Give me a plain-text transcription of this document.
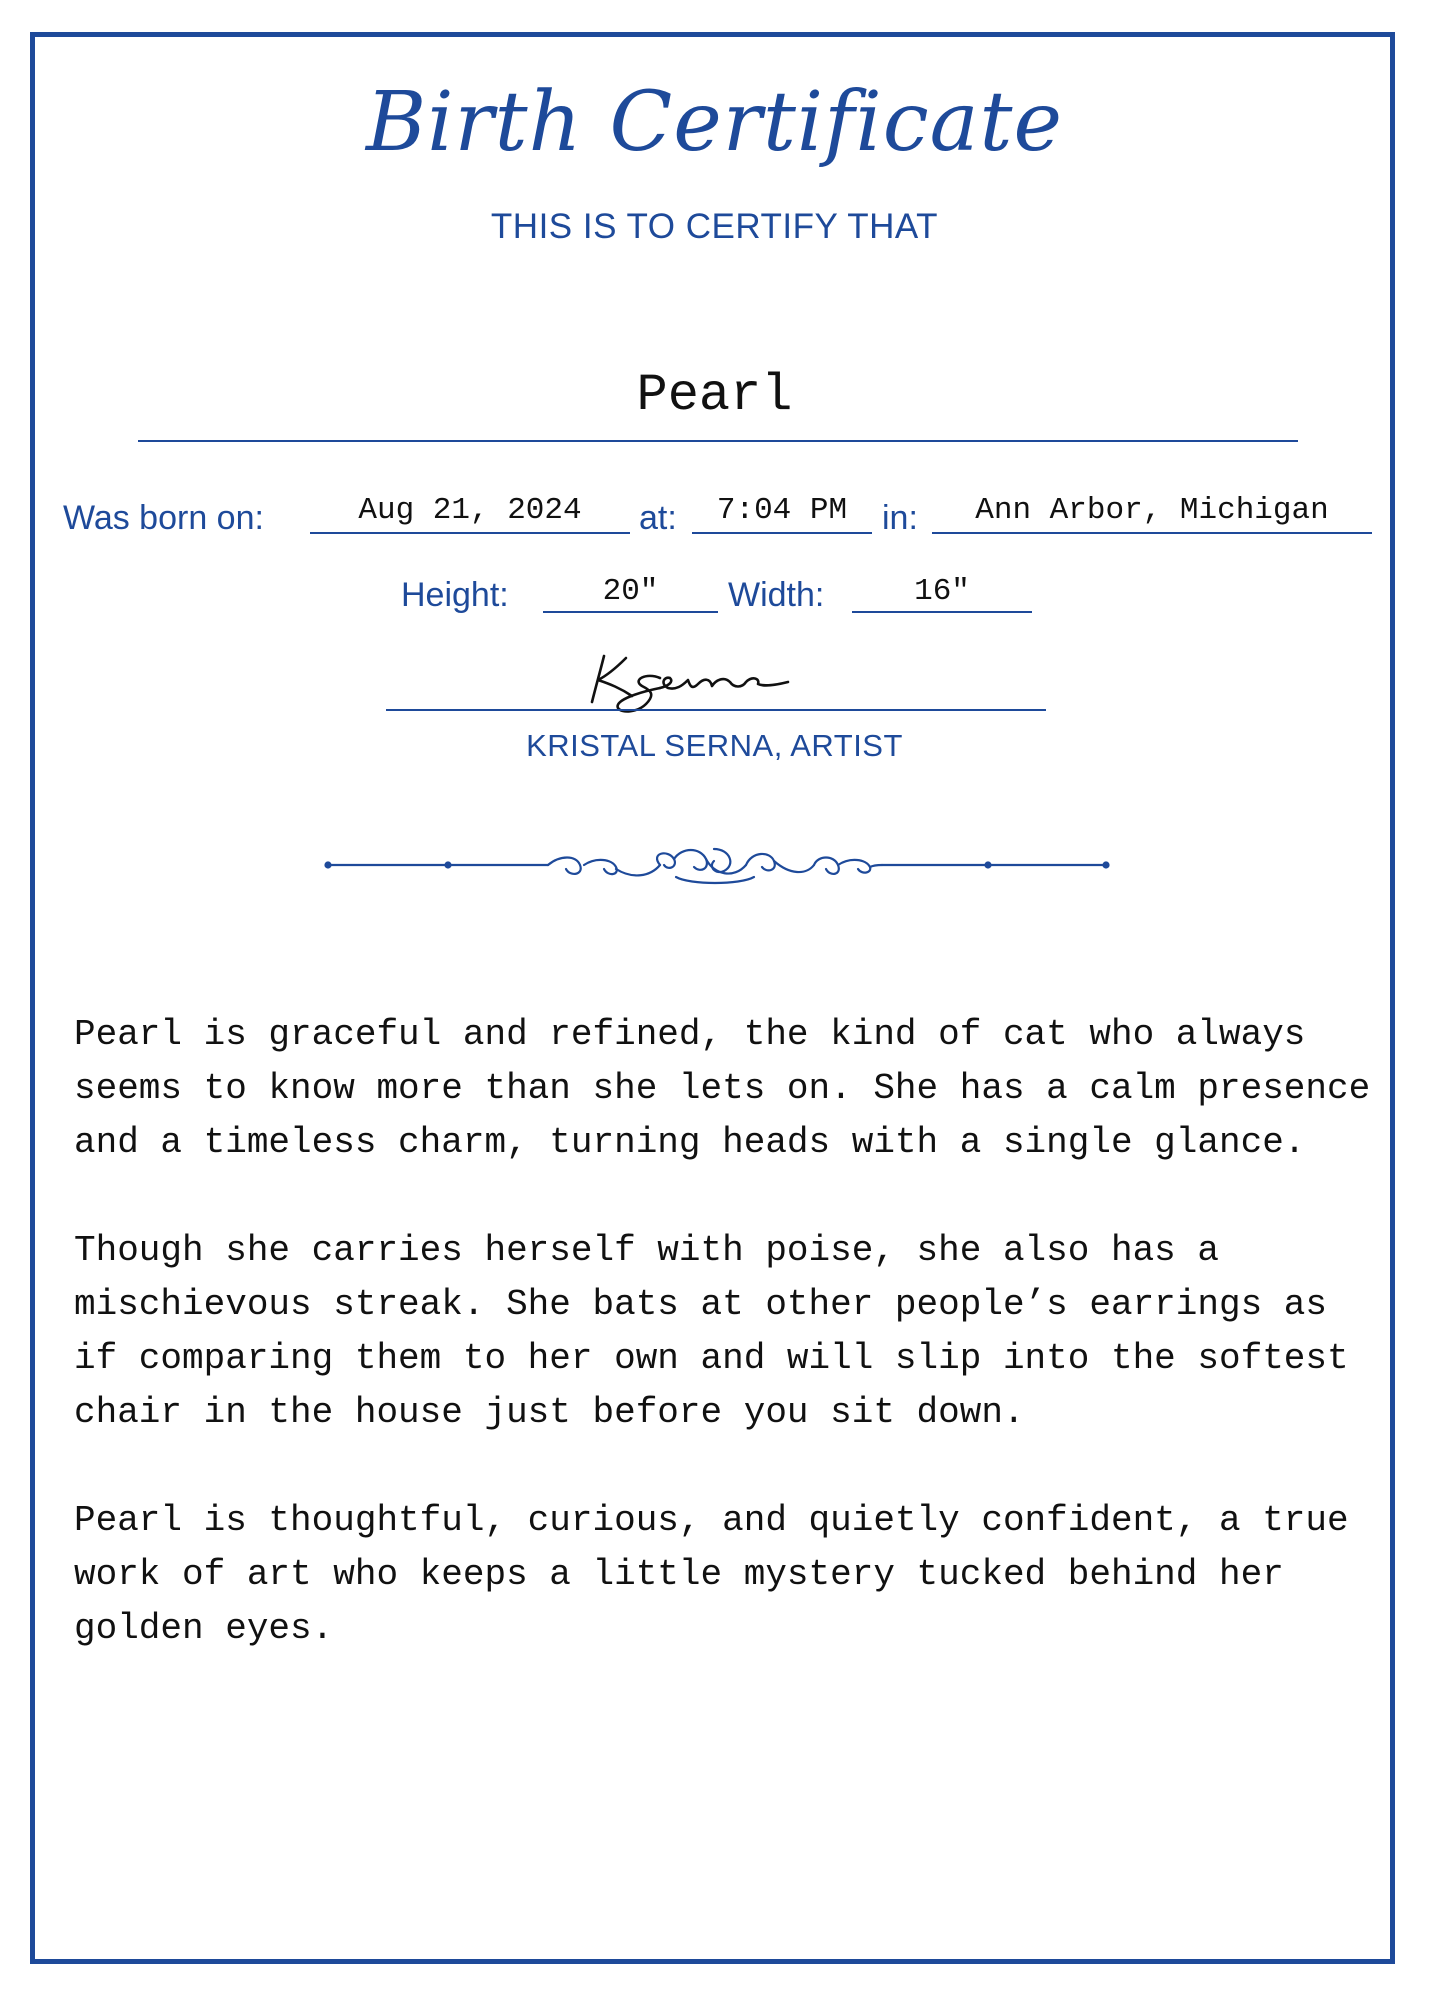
Birth Certificate
THIS IS TO CERTIFY THAT
Pearl
Was born on:	Aug 21, 2024	at:	7:04 PM	in:	Ann Arbor, Michigan
Height:	20"	Width:	16"
KRISTAL SERNA, ARTIST

Pearl is graceful and refined, the kind of cat who always seems to know more than she lets on. She has a calm presence and a timeless charm, turning heads with a single glance.

Though she carries herself with poise, she also has a mischievous streak. She bats at other people’s earrings as if comparing them to her own and will slip into the softest chair in the house just before you sit down.

Pearl is thoughtful, curious, and quietly confident, a true work of art who keeps a little mystery tucked behind her golden eyes.
